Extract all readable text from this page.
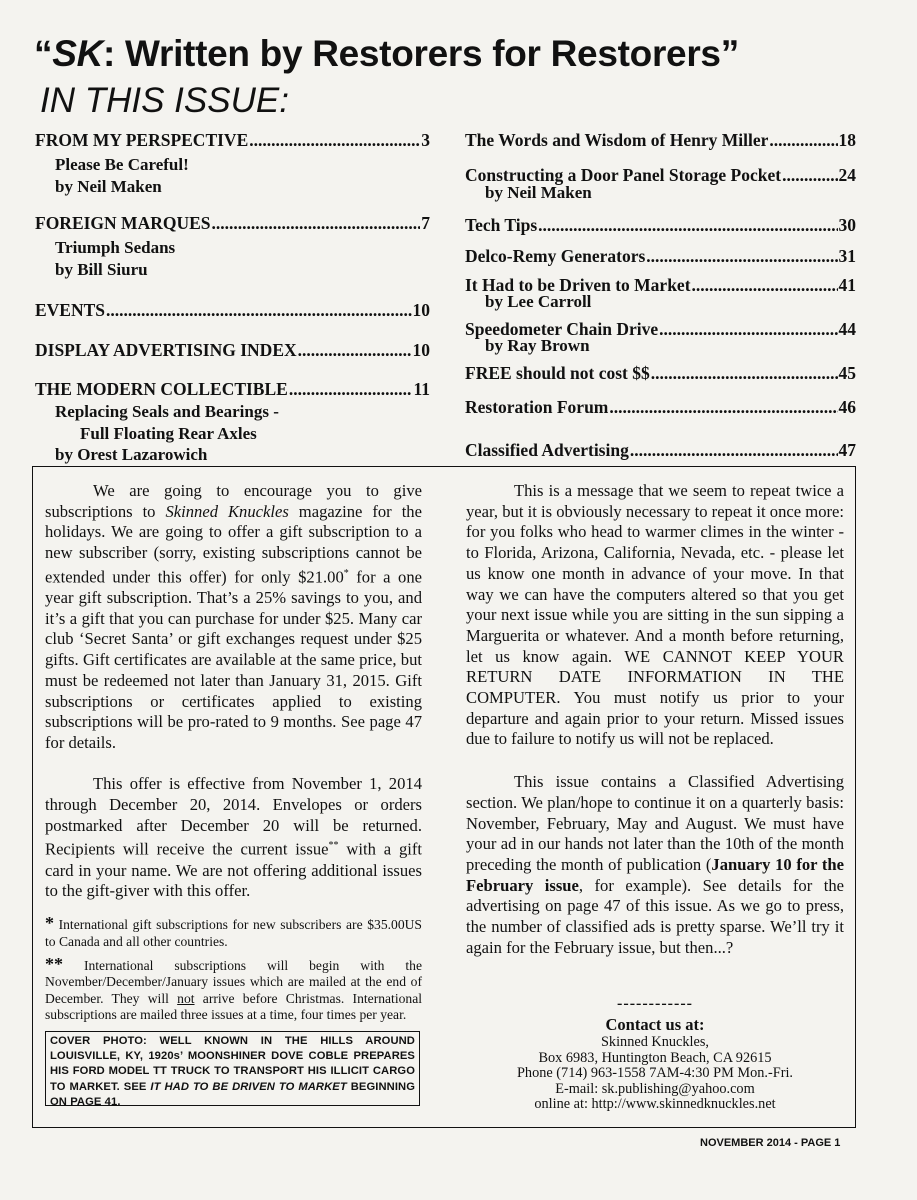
“SK: Written by Restorers for Restorers”
IN THIS ISSUE:
FROM MY PERSPECTIVE .....	3
Please Be Careful!
by Neil Maken
FOREIGN MARQUES .....	7
Triumph Sedans
by Bill Siuru
EVENTS .....	10
DISPLAY ADVERTISING INDEX .....	10
THE MODERN COLLECTIBLE .....	11
Replacing Seals and Bearings -
Full Floating Rear Axles
by Orest Lazarowich
The Words and Wisdom of Henry Miller .....	18
Constructing a Door Panel Storage Pocket .....	24
by Neil Maken
Tech Tips .....	30
Delco-Remy Generators .....	31
It Had to be Driven to Market .....	41
by Lee Carroll
Speedometer Chain Drive .....	44
by Ray Brown
FREE should not cost $$ .....	45
Restoration Forum .....	46
Classified Advertising .....	47

We are going to encourage you to give subscriptions to Skinned Knuckles magazine for the holidays. We are going to offer a gift subscription to a new subscriber (sorry, existing subscriptions cannot be extended under this offer) for only $21.00* for a one year gift subscription. That’s a 25% savings to you, and it’s a gift that you can purchase for under $25. Many car club ‘Secret Santa’ or gift exchanges request under $25 gifts. Gift certificates are available at the same price, but must be redeemed not later than January 31, 2015. Gift subscriptions or certificates applied to existing subscriptions will be pro-rated to 9 months. See page 47 for details.

This offer is effective from November 1, 2014 through December 20, 2014. Envelopes or orders postmarked after December 20 will be returned. Recipients will receive the current issue** with a gift card in your name. We are not offering additional issues to the gift-giver with this offer.

* International gift subscriptions for new subscribers are $35.00US to Canada and all other countries.

** International subscriptions will begin with the November/December/January issues which are mailed at the end of December. They will not arrive before Christmas. International subscriptions are mailed three issues at a time, four times per year.

COVER PHOTO: WELL KNOWN IN THE HILLS AROUND LOUISVILLE, KY, 1920s’ MOONSHINER DOVE COBLE PREPARES HIS FORD MODEL TT TRUCK TO TRANSPORT HIS ILLICIT CARGO TO MARKET. SEE IT HAD TO BE DRIVEN TO MARKET BEGINNING ON PAGE 41.

This is a message that we seem to repeat twice a year, but it is obviously necessary to repeat it once more: for you folks who head to warmer climes in the winter - to Florida, Arizona, California, Nevada, etc. - please let us know one month in advance of your move. In that way we can have the computers altered so that you get your next issue while you are sitting in the sun sipping a Marguerita or whatever. And a month before returning, let us know again. WE CANNOT KEEP YOUR RETURN DATE INFORMATION IN THE COMPUTER. You must notify us prior to your departure and again prior to your return. Missed issues due to failure to notify us will not be replaced.

This issue contains a Classified Advertising section. We plan/hope to continue it on a quarterly basis: November, February, May and August. We must have your ad in our hands not later than the 10th of the month preceding the month of publication (January 10 for the February issue, for example). See details for the advertising on page 47 of this issue. As we go to press, the number of classified ads is pretty sparse. We’ll try it again for the February issue, but then...?

------------
Contact us at:
Skinned Knuckles,
Box 6983, Huntington Beach, CA 92615
Phone (714) 963-1558 7AM-4:30 PM Mon.-Fri.
E-mail: sk.publishing@yahoo.com
online at: http://www.skinnedknuckles.net
NOVEMBER 2014 - PAGE 1
